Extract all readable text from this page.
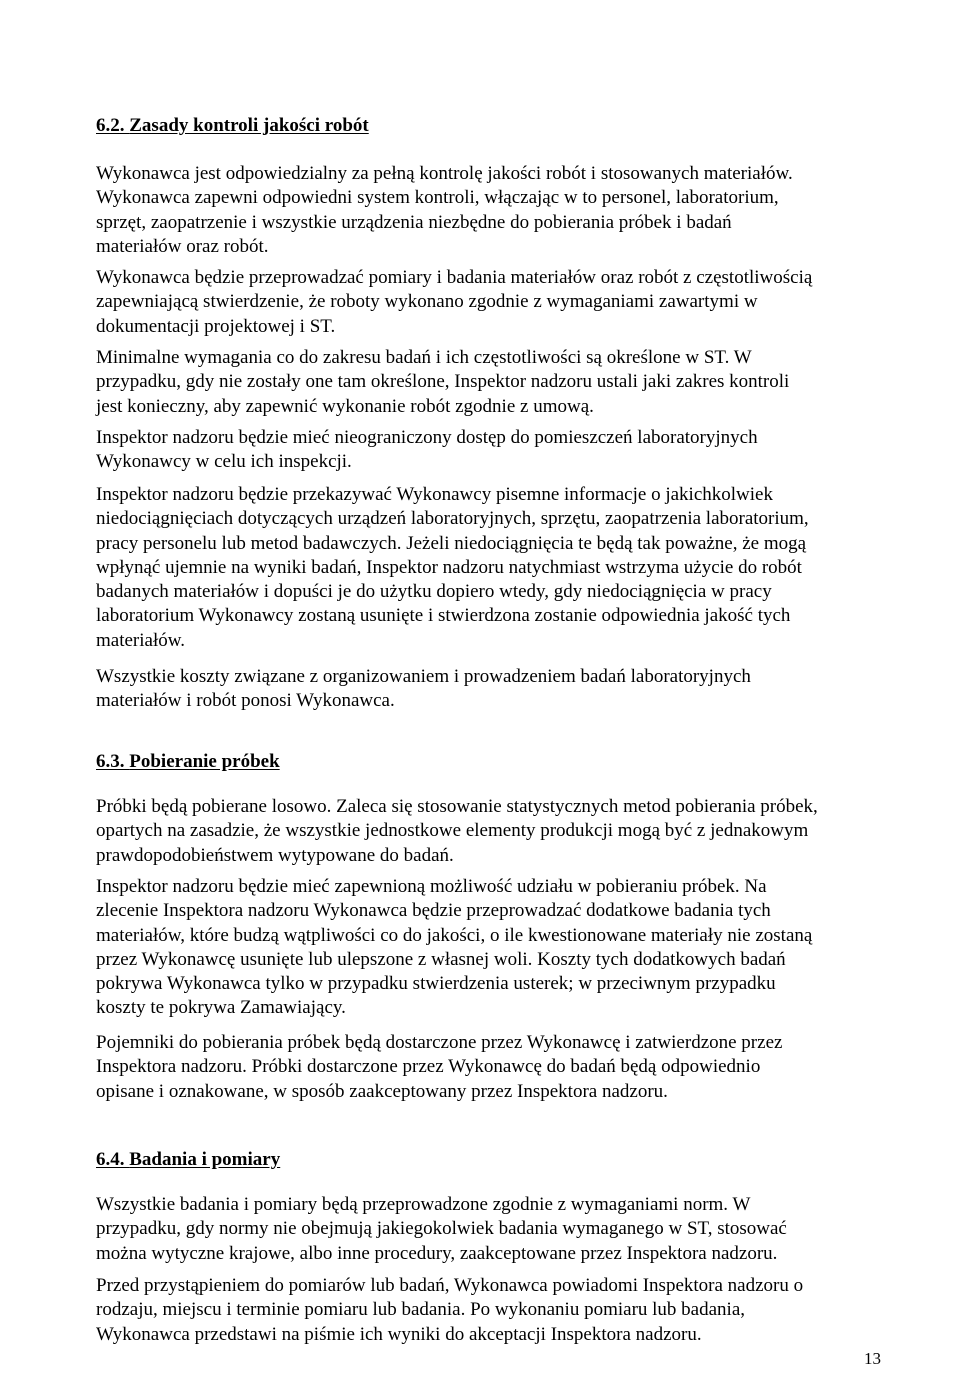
6.2. Zasady kontroli jakości robót

Wykonawca jest odpowiedzialny za pełną kontrolę jakości robót i stosowanych materiałów.
Wykonawca zapewni odpowiedni system kontroli, włączając w to personel, laboratorium,
sprzęt, zaopatrzenie i wszystkie urządzenia niezbędne do pobierania próbek i badań
materiałów oraz robót.

Wykonawca będzie przeprowadzać pomiary i badania materiałów oraz robót z częstotliwością
zapewniającą stwierdzenie, że roboty wykonano zgodnie z wymaganiami zawartymi w
dokumentacji projektowej i ST.

Minimalne wymagania co do zakresu badań i ich częstotliwości są określone w ST. W
przypadku, gdy nie zostały one tam określone, Inspektor nadzoru ustali jaki zakres kontroli
jest konieczny, aby zapewnić wykonanie robót zgodnie z umową.

Inspektor nadzoru będzie mieć nieograniczony dostęp do pomieszczeń laboratoryjnych
Wykonawcy w celu ich inspekcji.

Inspektor nadzoru będzie przekazywać Wykonawcy pisemne informacje o jakichkolwiek
niedociągnięciach dotyczących urządzeń laboratoryjnych, sprzętu, zaopatrzenia laboratorium,
pracy personelu lub metod badawczych. Jeżeli niedociągnięcia te będą tak poważne, że mogą
wpłynąć ujemnie na wyniki badań, Inspektor nadzoru natychmiast wstrzyma użycie do robót
badanych materiałów i dopuści je do użytku dopiero wtedy, gdy niedociągnięcia w pracy
laboratorium Wykonawcy zostaną usunięte i stwierdzona zostanie odpowiednia jakość tych
materiałów.

Wszystkie koszty związane z organizowaniem i prowadzeniem badań laboratoryjnych
materiałów i robót ponosi Wykonawca.

6.3. Pobieranie próbek

Próbki będą pobierane losowo. Zaleca się stosowanie statystycznych metod pobierania próbek,
opartych na zasadzie, że wszystkie jednostkowe elementy produkcji mogą być z jednakowym
prawdopodobieństwem wytypowane do badań.

Inspektor nadzoru będzie mieć zapewnioną możliwość udziału w pobieraniu próbek. Na
zlecenie Inspektora nadzoru Wykonawca będzie przeprowadzać dodatkowe badania tych
materiałów, które budzą wątpliwości co do jakości, o ile kwestionowane materiały nie zostaną
przez Wykonawcę usunięte lub ulepszone z własnej woli. Koszty tych dodatkowych badań
pokrywa Wykonawca tylko w przypadku stwierdzenia usterek; w przeciwnym przypadku
koszty te pokrywa Zamawiający.

Pojemniki do pobierania próbek będą dostarczone przez Wykonawcę i zatwierdzone przez
Inspektora nadzoru. Próbki dostarczone przez Wykonawcę do badań będą odpowiednio
opisane i oznakowane, w sposób zaakceptowany przez Inspektora nadzoru.

6.4. Badania i pomiary

Wszystkie badania i pomiary będą przeprowadzone zgodnie z wymaganiami norm. W
przypadku, gdy normy nie obejmują jakiegokolwiek badania wymaganego w ST, stosować
można wytyczne krajowe, albo inne procedury, zaakceptowane przez Inspektora nadzoru.

Przed przystąpieniem do pomiarów lub badań, Wykonawca powiadomi Inspektora nadzoru o
rodzaju, miejscu i terminie pomiaru lub badania. Po wykonaniu pomiaru lub badania,
Wykonawca przedstawi na piśmie ich wyniki do akceptacji Inspektora nadzoru.

13
